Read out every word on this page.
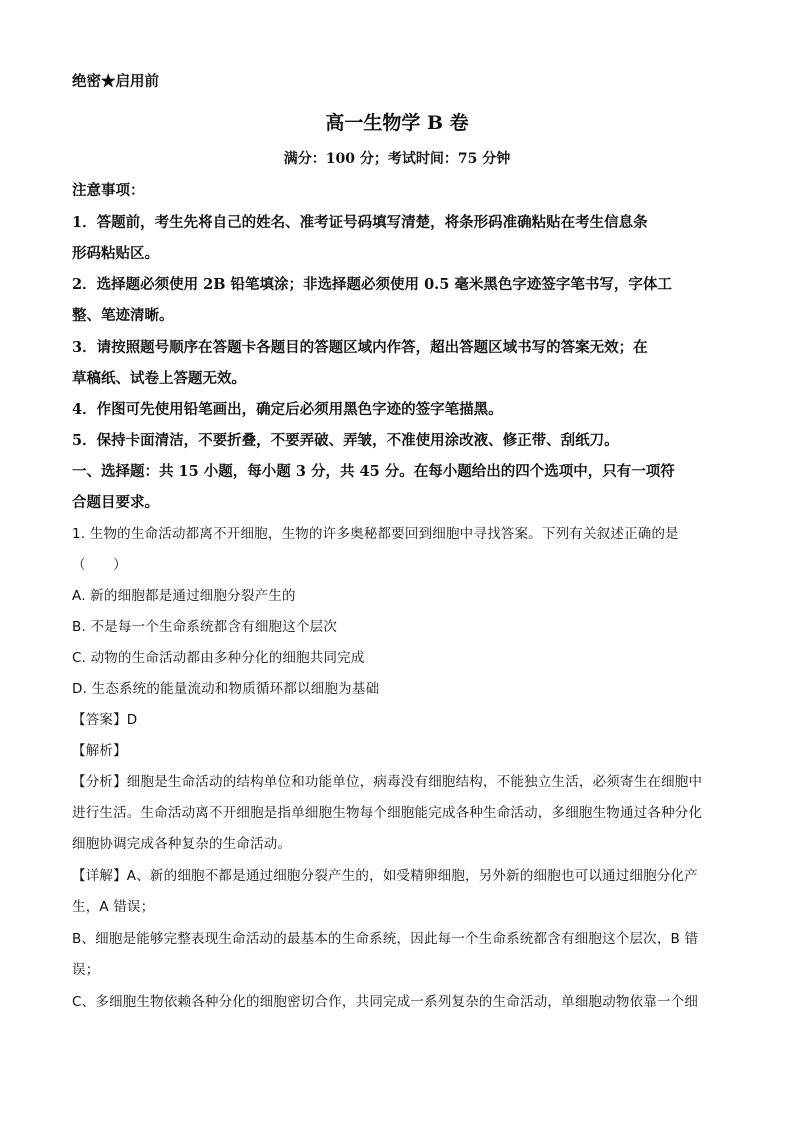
绝密★启用前
高一生物学 B 卷
满分：100 分；考试时间：75 分钟
注意事项：
1．答题前，考生先将自己的姓名、准考证号码填写清楚，将条形码准确粘贴在考生信息条
形码粘贴区。
2．选择题必须使用 2B 铅笔填涂；非选择题必须使用 0.5 毫米黑色字迹签字笔书写，字体工
整、笔迹清晰。
3．请按照题号顺序在答题卡各题目的答题区域内作答，超出答题区域书写的答案无效；在
草稿纸、试卷上答题无效。
4．作图可先使用铅笔画出，确定后必须用黑色字迹的签字笔描黑。
5．保持卡面清洁，不要折叠，不要弄破、弄皱，不准使用涂改液、修正带、刮纸刀。
一、选择题：共 15 小题，每小题 3 分，共 45 分。在每小题给出的四个选项中，只有一项符
合题目要求。
1. 生物的生命活动都离不开细胞，生物的许多奥秘都要回到细胞中寻找答案。下列有关叙述正确的是
（　　）
A. 新的细胞都是通过细胞分裂产生的
B. 不是每一个生命系统都含有细胞这个层次
C. 动物的生命活动都由多种分化的细胞共同完成
D. 生态系统的能量流动和物质循环都以细胞为基础
【答案】D
【解析】
【分析】细胞是生命活动的结构单位和功能单位，病毒没有细胞结构，不能独立生活，必须寄生在细胞中
进行生活。生命活动离不开细胞是指单细胞生物每个细胞能完成各种生命活动，多细胞生物通过各种分化
细胞协调完成各种复杂的生命活动。
【详解】A、新的细胞不都是通过细胞分裂产生的，如受精卵细胞，另外新的细胞也可以通过细胞分化产
生，A 错误；
B、细胞是能够完整表现生命活动的最基本的生命系统，因此每一个生命系统都含有细胞这个层次，B 错
误；
C、多细胞生物依赖各种分化的细胞密切合作，共同完成一系列复杂的生命活动，单细胞动物依靠一个细
